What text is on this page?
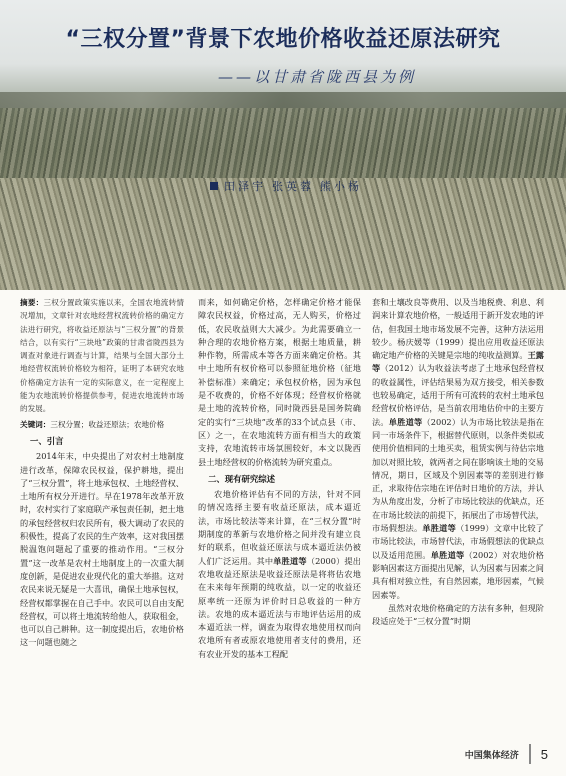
“三权分置”背景下农地价格收益还原法研究
——以甘肃省陇西县为例
田泽宇 张英蓉 熊小杨
摘要：三权分置政策实施以来，全国农地流转情况增加，文章针对农地经营权流转价格的确定方法进行研究，将收益还原法与“三权分置”的背景结合，以有实行“三块地”政策的甘肃省陇西县为调查对象进行调查与计算，结果与全国大部分土地经营权流转价格较为相符，证明了本研究农地价格确定方法有一定的实际意义，在一定程度上能为农地流转价格提供参考，促进农地流转市场的发展。
关键词：三权分置；收益还原法；农地价格
一、引言

2014年末，中央提出了对农村土地制度进行改革，保障农民权益，保护耕地，提出了“三权分置”，将土地承包权、土地经营权、土地所有权分开进行。早在1978年改革开放时，农村实行了家庭联产承包责任制，把土地的承包经营权归农民所有，极大调动了农民的积极性，提高了农民的生产效率，这对我国摆脱温饱问题起了重要的推动作用。“三权分置”这一改革是农村土地制度上的一次重大制度创新，是促进农业现代化的重大举措。这对农民来说无疑是一大喜讯，确保土地承包权，经营权都掌握在自己手中。农民可以自由支配经营权，可以将土地流转给他人，获取租金，也可以自己耕种。这一制度提出后，农地价格这一问题也随之

而来，如何确定价格，怎样确定价格才能保障农民权益，价格过高，无人购买，价格过低，农民收益则大大减少。为此需要确立一种合理的农地价格方案，根据土地质量，耕种作物，所需成本等各方面来确定价格。其中土地所有权价格可以参照征地价格（征地补偿标准）来确定；承包权价格，因为承包是不收费的，价格不好体现；经营权价格就是土地的流转价格，同时陇西县是国务院确定的实行“三块地”改革的33个试点县（市、区）之一，在农地流转方面有相当大的政策支持，农地流转市场氛围较好，本文以陇西县土地经营权的价格流转为研究重点。

二、现有研究综述

农地价格评估有不同的方法，针对不同的情况选择主要有收益还原法，成本逼近法，市场比较法等来计算，在“三权分置”时期制度的革新与农地价格之间并没有建立良好的联系，但收益还原法与成本逼近法仍被人们广泛运用。其中单胜道等（2000）提出农地收益还原法是收益还原法是将将估农地在未来每年预期的纯收益，以一定的收益还原率统一还原为评价时日总收益的一种方法。农地的成本逼近法与市地评估运用的成本逼近法一样，调查为取得农地使用权而向农地所有者或原农地使用者支付的费用，还有农业开发的基本工程配

套和土壤改良等费用、以及当地税费、利息、利润来计算农地价格，一般适用于新开发农地的评估，但我国土地市场发展不完善，这种方法运用较少。杨庆媛等（1999）提出应用收益还原法确定地产价格的关键是宗地的纯收益测算。王露等（2012）认为收益法考虑了土地承包经营权的收益属性，评估结果易为双方接受，相关参数也较易确定，适用于所有可流转的农村土地承包经营权价格评估，是当前农用地估价中的主要方法。单胜道等（2002）认为市场比较法是指在同一市场条件下，根据替代原则，以条件类似或使用价值相同的土地买卖，租赁实例与待估宗地加以对照比较，就两者之间在影响该土地的交易情况，期日，区域及个别因素等的差别进行修正，求取待估宗地在评估时日地价的方法，并认为从角度出发，分析了市场比较法的优缺点，还在市场比较法的前提下，拓展出了市场替代法，市场假想法。单胜道等（1999）文章中比较了市场比较法，市场替代法，市场假想法的优缺点以及适用范围。单胜道等（2002）对农地价格影响因素这方面提出见解，认为因素与因素之间具有相对独立性，有自然因素，地形因素，气候因素等。

虽然对农地价格确定的方法有多种，但现阶段适应处于“三权分置”时期

中国集体经济 5
